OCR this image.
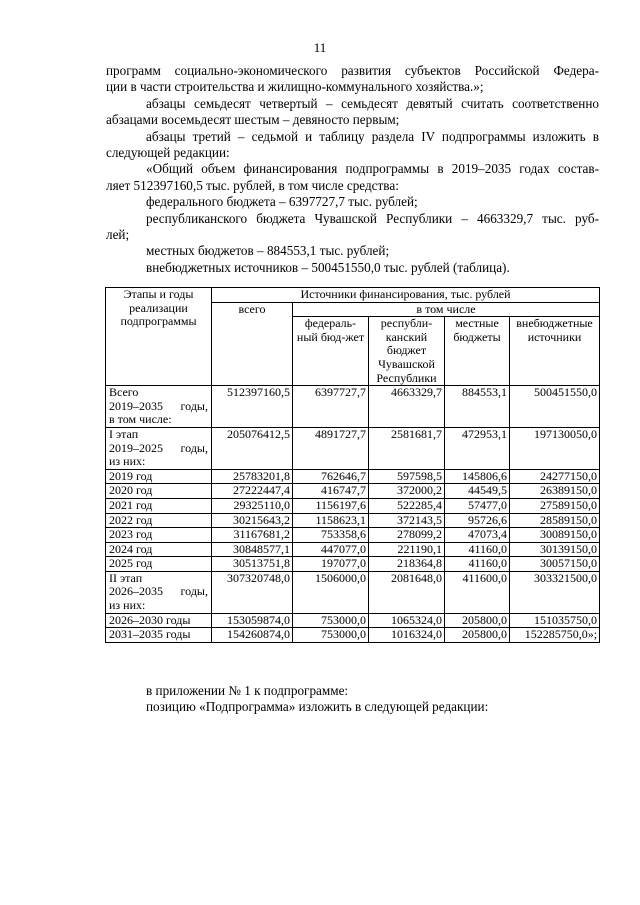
11

программ социально-экономического развития субъектов Российской Федера-

ции в части строительства и жилищно-коммунального хозяйства.»;

абзацы семьдесят четвертый – семьдесят девятый считать соответственно

абзацами восемьдесят шестым – девяносто первым;

абзацы третий – седьмой и таблицу раздела IV подпрограммы изложить в

следующей редакции:

«Общий объем финансирования подпрограммы в 2019–2035 годах состав-

ляет 512397160,5 тыс. рублей, в том числе средства:

федерального бюджета – 6397727,7 тыс. рублей;

республиканского бюджета Чувашской Республики – 4663329,7 тыс. руб-

лей;

местных бюджетов – 884553,1 тыс. рублей;

внебюджетных источников – 500451550,0 тыс. рублей (таблица).

Этапы и годы реализации подпрограммы	Источники финансирования, тыс. рублей				
	всего	в том числе			
		федераль-ный бюд-жет	республи-канский бюджет Чувашской Республики	местные бюджеты	внебюджетные источники

Всего
2019–2035 годы,
в том числе:	512397160,5	6397727,7	4663329,7	884553,1	500451550,0

I этап
2019–2025 годы,
из них:	205076412,5	4891727,7	2581681,7	472953,1	197130050,0

2019 год	25783201,8	762646,7	597598,5	145806,6	24277150,0

2020 год	27222447,4	416747,7	372000,2	44549,5	26389150,0

2021 год	29325110,0	1156197,6	522285,4	57477,0	27589150,0

2022 год	30215643,2	1158623,1	372143,5	95726,6	28589150,0

2023 год	31167681,2	753358,6	278099,2	47073,4	30089150,0

2024 год	30848577,1	447077,0	221190,1	41160,0	30139150,0

2025 год	30513751,8	197077,0	218364,8	41160,0	30057150,0

II этап
2026–2035 годы,
из них:	307320748,0	1506000,0	2081648,0	411600,0	303321500,0

2026–2030 годы	153059874,0	753000,0	1065324,0	205800,0	151035750,0

2031–2035 годы	154260874,0	753000,0	1016324,0	205800,0	152285750,0»;

в приложении № 1 к подпрограмме:

позицию «Подпрограмма» изложить в следующей редакции:
